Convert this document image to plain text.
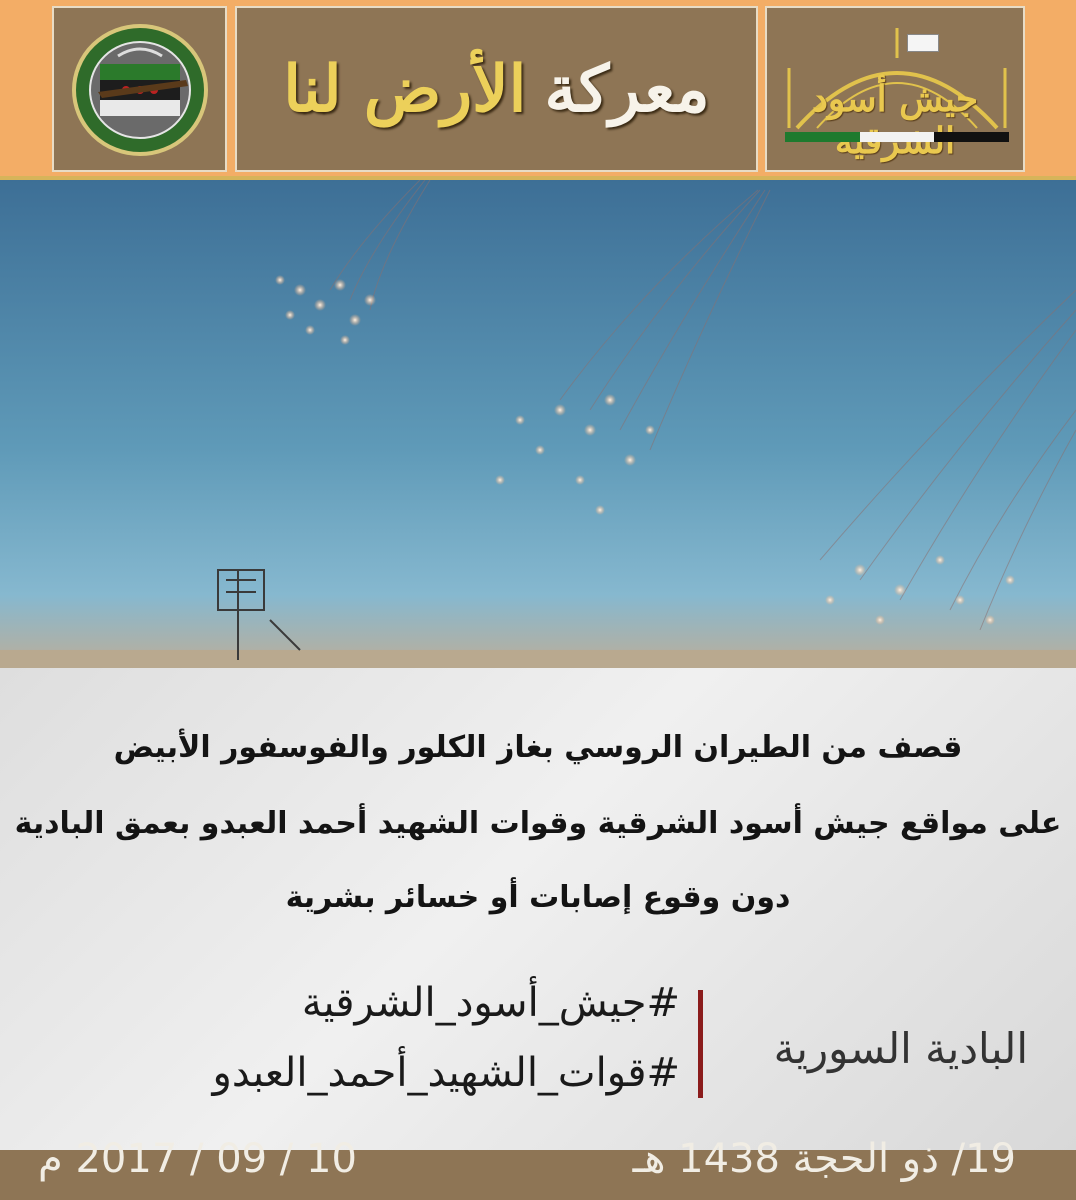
معركة
الأرض لنا	جيش أسود
قصف من الطيران الروسي بغاز الكلور والفوسفور الأبيض
على مواقع جيش أسود الشرقية وقوات الشهيد أحمد العبدو بعمق البادية
دون وقوع إصابات أو خسائر بشرية
#جيش_أسود_الشرقية
#قوات_الشهيد_أحمد_العبدو	البادية السورية
19/ ذو الحجة 1438 هـ
10 / 09 / 2017 م
